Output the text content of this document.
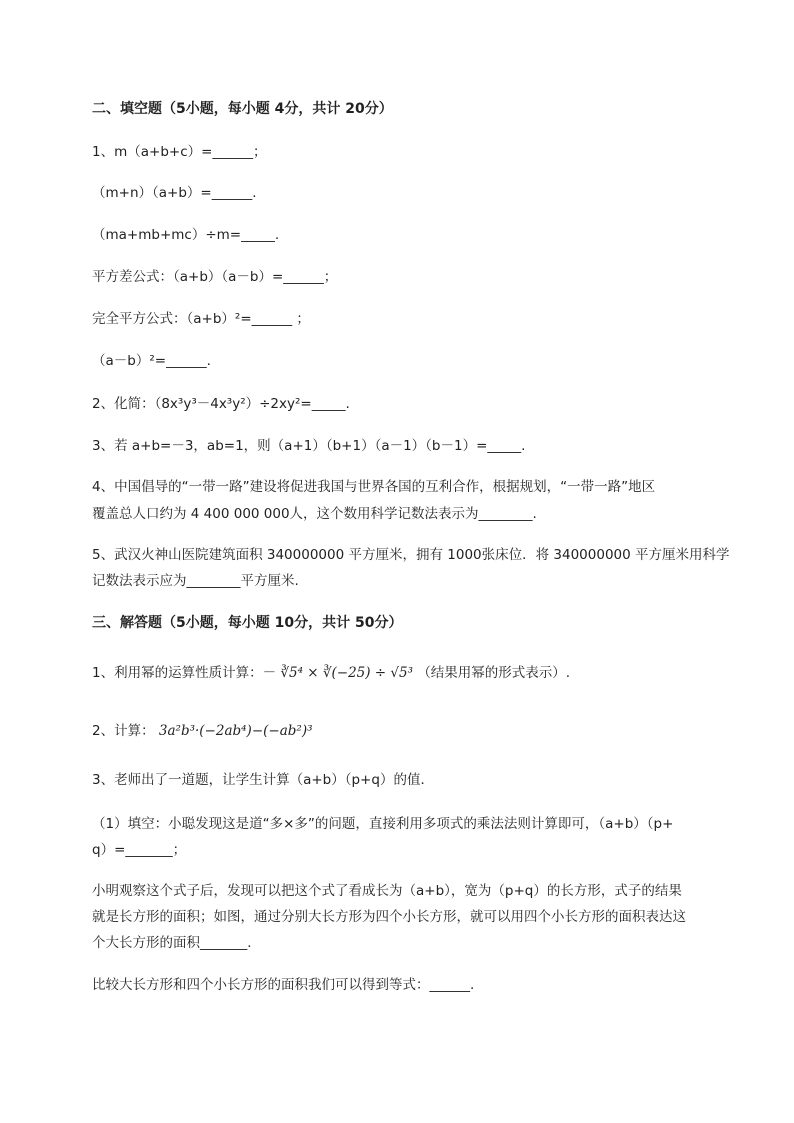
二、填空题（5小题，每小题 4分，共计 20分）
1、m（a+b+c）=______；
（m+n）（a+b）=______.
（ma+mb+mc）÷m=_____.
平方差公式：（a+b）（a－b）=______；
完全平方公式：（a+b）²=______ ；
（a－b）²=______.
2、化简：（8x³y³－4x³y²）÷2xy²=_____.
3、若 a+b=－3，ab=1，则（a+1）（b+1）（a－1）（b－1）=_____.
4、中国倡导的“一带一路”建设将促进我国与世界各国的互利合作，根据规划，“一带一路”地区
覆盖总人口约为 4 400 000 000人，这个数用科学记数法表示为________.
5、武汉火神山医院建筑面积 340000000 平方厘米，拥有 1000张床位．将 340000000 平方厘米用科学
记数法表示应为________平方厘米.
三、解答题（5小题，每小题 10分，共计 50分）
1、利用幂的运算性质计算：－ ∛5⁴ × ∛(−25) ÷ √5³ （结果用幂的形式表示）.
2、计算： 3a²b³·(−2ab⁴)−(−ab²)³
3、老师出了一道题，让学生计算（a+b）（p+q）的值．
（1）填空：小聪发现这是道“多×多”的问题，直接利用多项式的乘法法则计算即可，（a+b）（p+
q）=_______；
小明观察这个式子后，发现可以把这个式了看成长为（a+b），宽为（p+q）的长方形，式子的结果
就是长方形的面积；如图，通过分别大长方形为四个小长方形，就可以用四个小长方形的面积表达这
个大长方形的面积_______.
比较大长方形和四个小长方形的面积我们可以得到等式：______.
